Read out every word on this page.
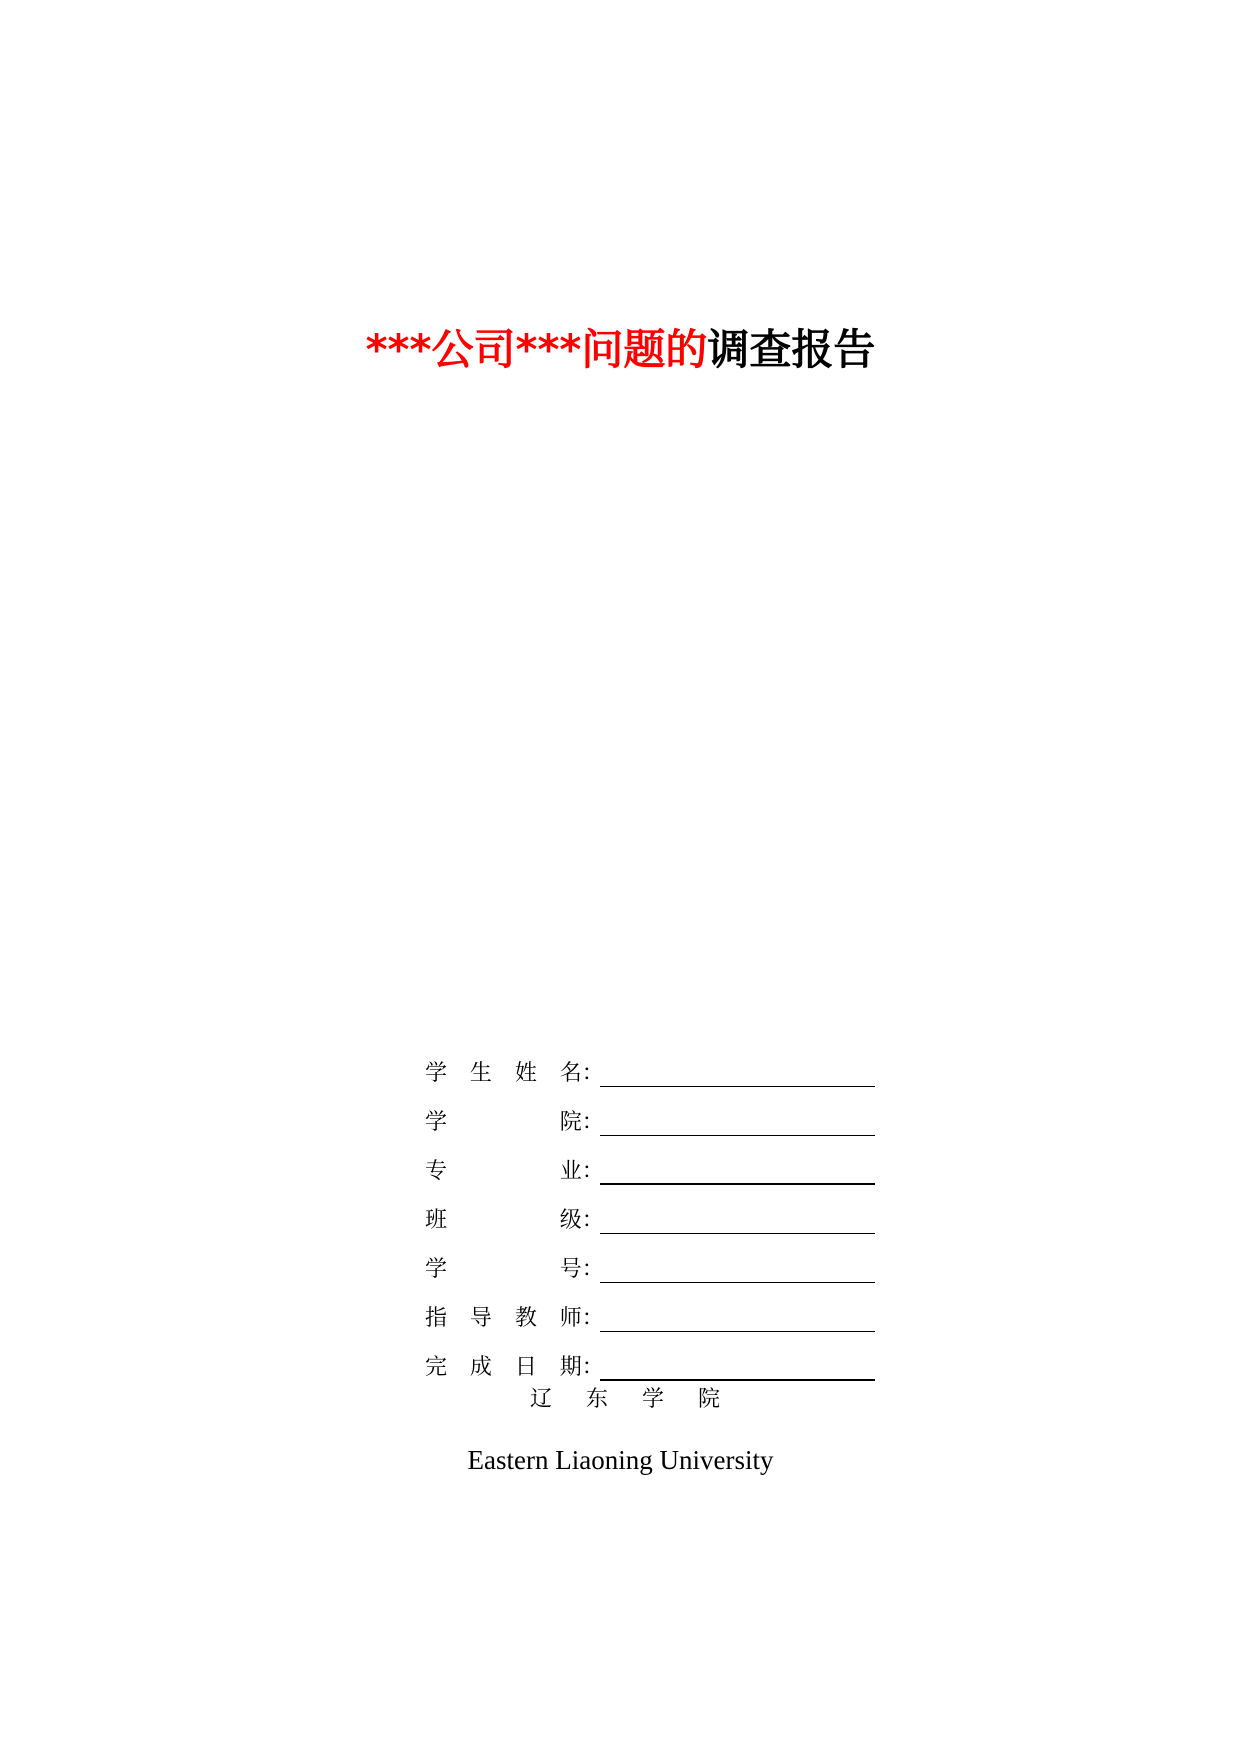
***公司***问题的调查报告
学 生 姓 名 ：
学	院 ：
专	业 ：
班	级 ：
学	号 ：
指 导 教 师 ：
完 成 日 期 ：
辽 东 学 院
Eastern Liaoning University
